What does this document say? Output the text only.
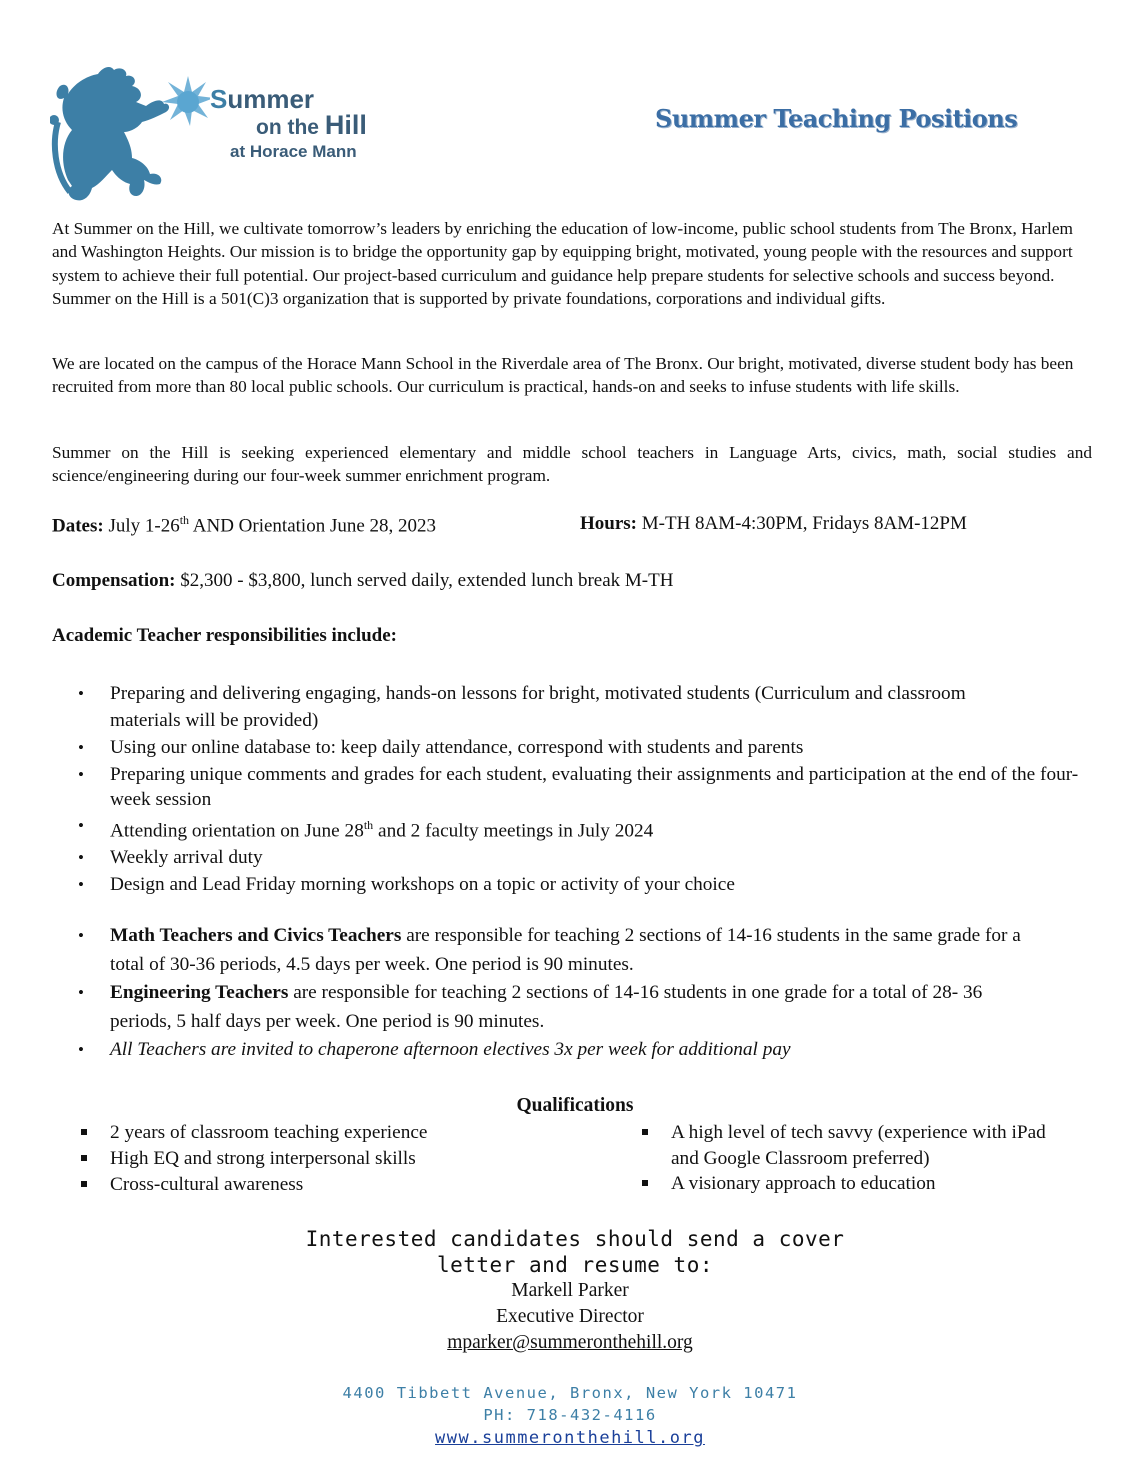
Summer
on the Hill
at Horace Mann
Summer Teaching Positions
At Summer on the Hill, we cultivate tomorrow’s leaders by enriching the education of low-income, public school students from The Bronx, Harlem and Washington Heights. Our mission is to bridge the opportunity gap by equipping bright, motivated, young people with the resources and support system to achieve their full potential. Our project-based curriculum and guidance help prepare students for selective schools and success beyond. Summer on the Hill is a 501(C)3 organization that is supported by private foundations, corporations and individual gifts.
We are located on the campus of the Horace Mann School in the Riverdale area of The Bronx. Our bright, motivated, diverse student body has been recruited from more than 80 local public schools. Our curriculum is practical, hands-on and seeks to infuse students with life skills.
Summer on the Hill is seeking experienced elementary and middle school teachers in Language Arts, civics, math, social studies and science/engineering during our four-week summer enrichment program.
Dates: July 1-26th AND Orientation June 28, 2023	Hours: M-TH 8AM-4:30PM, Fridays 8AM-12PM
Compensation: $2,300 - $3,800, lunch served daily, extended lunch break M-TH
Academic Teacher responsibilities include:
• Preparing and delivering engaging, hands-on lessons for bright, motivated students (Curriculum and classroom materials will be provided)
• Using our online database to: keep daily attendance, correspond with students and parents
• Preparing unique comments and grades for each student, evaluating their assignments and participation at the end of the four-week session
• Attending orientation on June 28th and 2 faculty meetings in July 2024
• Weekly arrival duty
• Design and Lead Friday morning workshops on a topic or activity of your choice
• Math Teachers and Civics Teachers are responsible for teaching 2 sections of 14-16 students in the same grade for a total of 30-36 periods, 4.5 days per week. One period is 90 minutes.
• Engineering Teachers are responsible for teaching 2 sections of 14-16 students in one grade for a total of 28- 36 periods, 5 half days per week. One period is 90 minutes.
• All Teachers are invited to chaperone afternoon electives 3x per week for additional pay
Qualifications
2 years of classroom teaching experience
High EQ and strong interpersonal skills
Cross-cultural awareness
A high level of tech savvy (experience with iPad and Google Classroom preferred)
A visionary approach to education
Interested candidates should send a cover letter and resume to:
Markell Parker
Executive Director
mparker@summeronthehill.org
4400 Tibbett Avenue, Bronx, New York 10471
PH: 718-432-4116
www.summeronthehill.org
